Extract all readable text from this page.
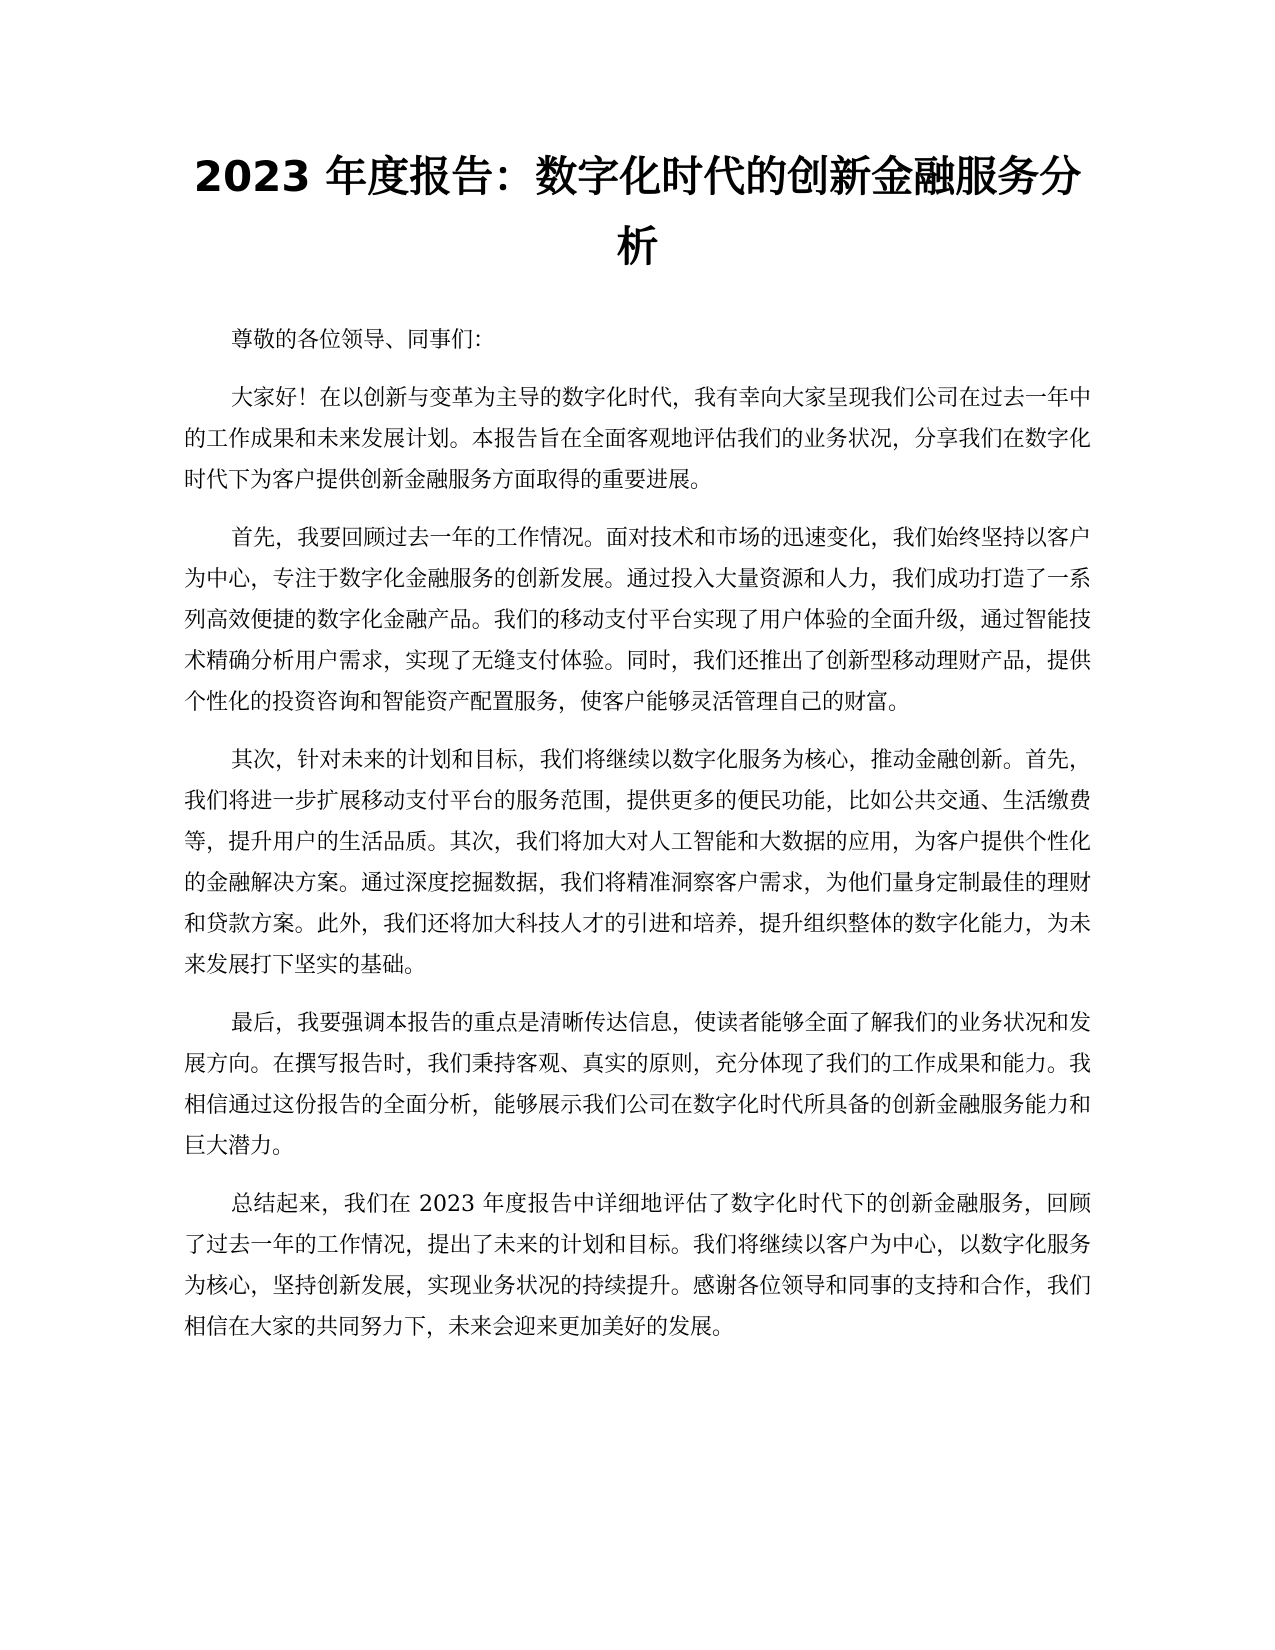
2023 年度报告：数字化时代的创新金融服务分析

尊敬的各位领导、同事们：

大家好！在以创新与变革为主导的数字化时代，我有幸向大家呈现我们公司在过去一年中的工作成果和未来发展计划。本报告旨在全面客观地评估我们的业务状况，分享我们在数字化时代下为客户提供创新金融服务方面取得的重要进展。

首先，我要回顾过去一年的工作情况。面对技术和市场的迅速变化，我们始终坚持以客户为中心，专注于数字化金融服务的创新发展。通过投入大量资源和人力，我们成功打造了一系列高效便捷的数字化金融产品。我们的移动支付平台实现了用户体验的全面升级，通过智能技术精确分析用户需求，实现了无缝支付体验。同时，我们还推出了创新型移动理财产品，提供个性化的投资咨询和智能资产配置服务，使客户能够灵活管理自己的财富。

其次，针对未来的计划和目标，我们将继续以数字化服务为核心，推动金融创新。首先，我们将进一步扩展移动支付平台的服务范围，提供更多的便民功能，比如公共交通、生活缴费等，提升用户的生活品质。其次，我们将加大对人工智能和大数据的应用，为客户提供个性化的金融解决方案。通过深度挖掘数据，我们将精准洞察客户需求，为他们量身定制最佳的理财和贷款方案。此外，我们还将加大科技人才的引进和培养，提升组织整体的数字化能力，为未来发展打下坚实的基础。

最后，我要强调本报告的重点是清晰传达信息，使读者能够全面了解我们的业务状况和发展方向。在撰写报告时，我们秉持客观、真实的原则，充分体现了我们的工作成果和能力。我相信通过这份报告的全面分析，能够展示我们公司在数字化时代所具备的创新金融服务能力和巨大潜力。

总结起来，我们在 2023 年度报告中详细地评估了数字化时代下的创新金融服务，回顾了过去一年的工作情况，提出了未来的计划和目标。我们将继续以客户为中心，以数字化服务为核心，坚持创新发展，实现业务状况的持续提升。感谢各位领导和同事的支持和合作，我们相信在大家的共同努力下，未来会迎来更加美好的发展。
